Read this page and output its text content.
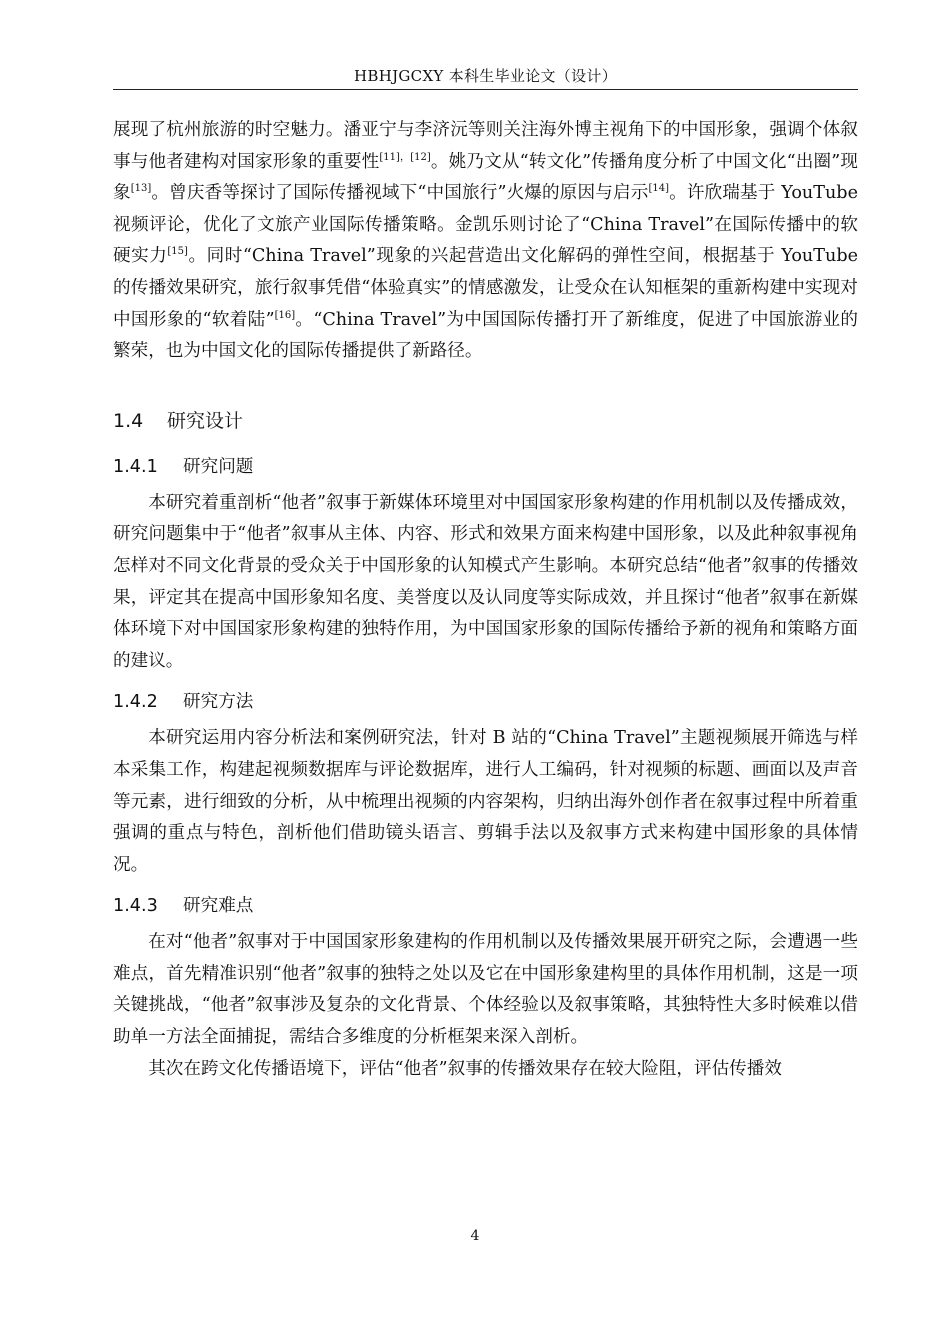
HBHJGCXY 本科生毕业论文（设计）

展现了杭州旅游的时空魅力。潘亚宁与李济沅等则关注海外博主视角下的中国形象，强调个体叙事与他者建构对国家形象的重要性[11]，[12]。姚乃文从“转文化”传播角度分析了中国文化“出圈”现象[13]。曾庆香等探讨了国际传播视域下“中国旅行”火爆的原因与启示[14]。许欣瑞基于 YouTube 视频评论，优化了文旅产业国际传播策略。金凯乐则讨论了“China Travel”在国际传播中的软硬实力[15]。同时“China Travel”现象的兴起营造出文化解码的弹性空间，根据基于 YouTube 的传播效果研究，旅行叙事凭借“体验真实”的情感激发，让受众在认知框架的重新构建中实现对中国形象的“软着陆”[16]。“China Travel”为中国国际传播打开了新维度，促进了中国旅游业的繁荣，也为中国文化的国际传播提供了新路径。

1.4 研究设计
1.4.1 研究问题

本研究着重剖析“他者”叙事于新媒体环境里对中国国家形象构建的作用机制以及传播成效，研究问题集中于“他者”叙事从主体、内容、形式和效果方面来构建中国形象，以及此种叙事视角怎样对不同文化背景的受众关于中国形象的认知模式产生影响。本研究总结“他者”叙事的传播效果，评定其在提高中国形象知名度、美誉度以及认同度等实际成效，并且探讨“他者”叙事在新媒体环境下对中国国家形象构建的独特作用，为中国国家形象的国际传播给予新的视角和策略方面的建议。

1.4.2 研究方法

本研究运用内容分析法和案例研究法，针对 B 站的“China Travel”主题视频展开筛选与样本采集工作，构建起视频数据库与评论数据库，进行人工编码，针对视频的标题、画面以及声音等元素，进行细致的分析，从中梳理出视频的内容架构，归纳出海外创作者在叙事过程中所着重强调的重点与特色，剖析他们借助镜头语言、剪辑手法以及叙事方式来构建中国形象的具体情况。

1.4.3 研究难点

在对“他者”叙事对于中国国家形象建构的作用机制以及传播效果展开研究之际，会遭遇一些难点，首先精准识别“他者”叙事的独特之处以及它在中国形象建构里的具体作用机制，这是一项关键挑战，“他者”叙事涉及复杂的文化背景、个体经验以及叙事策略，其独特性大多时候难以借助单一方法全面捕捉，需结合多维度的分析框架来深入剖析。

其次在跨文化传播语境下，评估“他者”叙事的传播效果存在较大险阻，评估传播效

4
